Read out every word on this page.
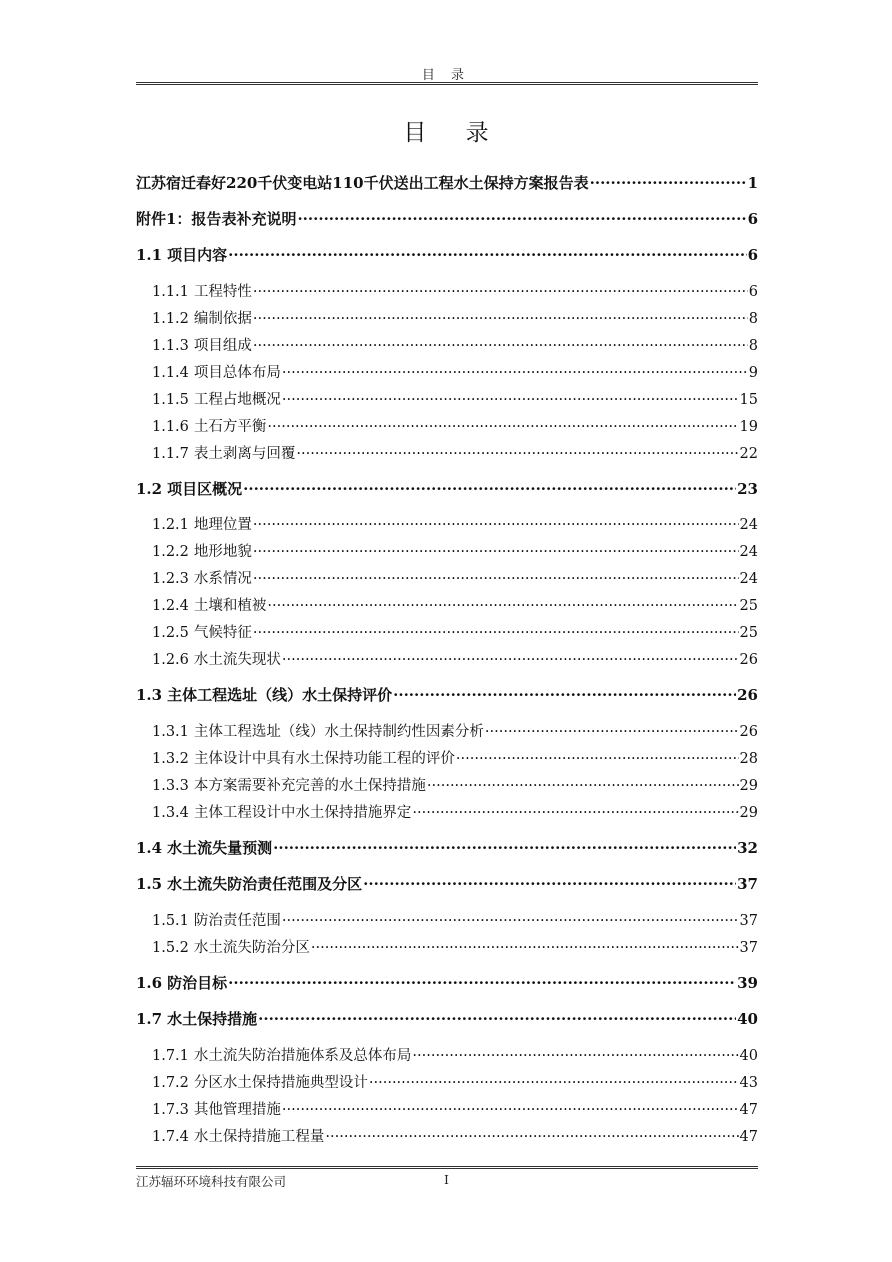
目 录
目 录
江苏宿迁春好220千伏变电站110千伏送出工程水土保持方案报告表 .....	1
附件1：报告表补充说明 .....	6
1.1 项目内容 .....	6
1.1.1 工程特性 .....	6
1.1.2 编制依据 .....	8
1.1.3 项目组成 .....	8
1.1.4 项目总体布局 .....	9
1.1.5 工程占地概况 .....	15
1.1.6 土石方平衡 .....	19
1.1.7 表土剥离与回覆 .....	22
1.2 项目区概况 .....	23
1.2.1 地理位置 .....	24
1.2.2 地形地貌 .....	24
1.2.3 水系情况 .....	24
1.2.4 土壤和植被 .....	25
1.2.5 气候特征 .....	25
1.2.6 水土流失现状 .....	26
1.3 主体工程选址（线）水土保持评价 .....	26
1.3.1 主体工程选址（线）水土保持制约性因素分析 .....	26
1.3.2 主体设计中具有水土保持功能工程的评价 .....	28
1.3.3 本方案需要补充完善的水土保持措施 .....	29
1.3.4 主体工程设计中水土保持措施界定 .....	29
1.4 水土流失量预测 .....	32
1.5 水土流失防治责任范围及分区 .....	37
1.5.1 防治责任范围 .....	37
1.5.2 水土流失防治分区 .....	37
1.6 防治目标 .....	39
1.7 水土保持措施 .....	40
1.7.1 水土流失防治措施体系及总体布局 .....	40
1.7.2 分区水土保持措施典型设计 .....	43
1.7.3 其他管理措施 .....	47
1.7.4 水土保持措施工程量 .....	47
江苏辐环环境科技有限公司	I
